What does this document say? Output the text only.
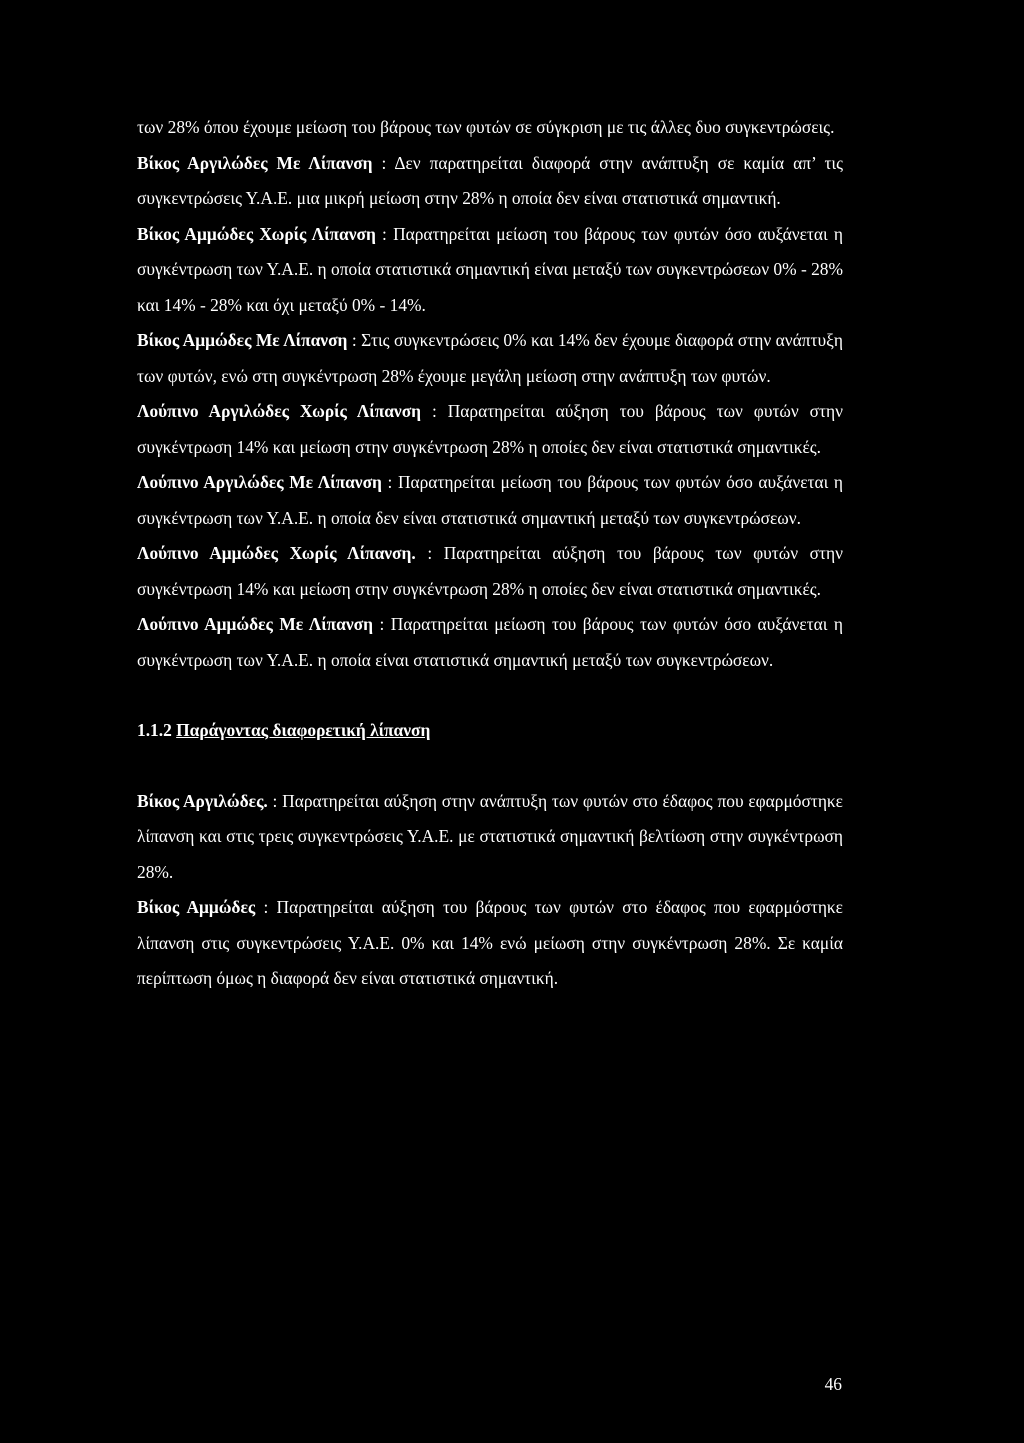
των 28% όπου έχουμε μείωση του βάρους των φυτών σε σύγκριση με τις άλλες δυο συγκεντρώσεις.

Βίκος Αργιλώδες Με Λίπανση : Δεν παρατηρείται διαφορά στην ανάπτυξη σε καμία απ’ τις συγκεντρώσεις Υ.Α.Ε. μια μικρή μείωση στην 28% η οποία δεν είναι στατιστικά σημαντική.

Βίκος Αμμώδες Χωρίς Λίπανση : Παρατηρείται μείωση του βάρους των φυτών όσο αυξάνεται η συγκέντρωση των Υ.Α.Ε. η οποία στατιστικά σημαντική είναι μεταξύ των συγκεντρώσεων 0% - 28% και 14% - 28% και όχι μεταξύ 0% - 14%.

Βίκος Αμμώδες Με Λίπανση : Στις συγκεντρώσεις 0% και 14% δεν έχουμε διαφορά στην ανάπτυξη των φυτών, ενώ στη συγκέντρωση 28% έχουμε μεγάλη μείωση στην ανάπτυξη των φυτών.

Λούπινο Αργιλώδες Χωρίς Λίπανση : Παρατηρείται αύξηση του βάρους των φυτών στην συγκέντρωση 14% και μείωση στην συγκέντρωση 28% η οποίες δεν είναι στατιστικά σημαντικές.

Λούπινο Αργιλώδες Με Λίπανση : Παρατηρείται μείωση του βάρους των φυτών όσο αυξάνεται η συγκέντρωση των Υ.Α.Ε. η οποία δεν είναι στατιστικά σημαντική μεταξύ των συγκεντρώσεων.

Λούπινο Αμμώδες Χωρίς Λίπανση. : Παρατηρείται αύξηση του βάρους των φυτών στην συγκέντρωση 14% και μείωση στην συγκέντρωση 28% η οποίες δεν είναι στατιστικά σημαντικές.

Λούπινο Αμμώδες Με Λίπανση : Παρατηρείται μείωση του βάρους των φυτών όσο αυξάνεται η συγκέντρωση των Υ.Α.Ε. η οποία είναι στατιστικά σημαντική μεταξύ των συγκεντρώσεων.

1.1.2 Παράγοντας διαφορετική λίπανση

Βίκος Αργιλώδες. : Παρατηρείται αύξηση στην ανάπτυξη των φυτών στο έδαφος που εφαρμόστηκε λίπανση και στις τρεις συγκεντρώσεις Υ.Α.Ε. με στατιστικά σημαντική βελτίωση στην συγκέντρωση 28%.

Βίκος Αμμώδες : Παρατηρείται αύξηση του βάρους των φυτών στο έδαφος που εφαρμόστηκε λίπανση στις συγκεντρώσεις Υ.Α.Ε. 0% και 14% ενώ μείωση στην συγκέντρωση 28%. Σε καμία περίπτωση όμως η διαφορά δεν είναι στατιστικά σημαντική.

46
